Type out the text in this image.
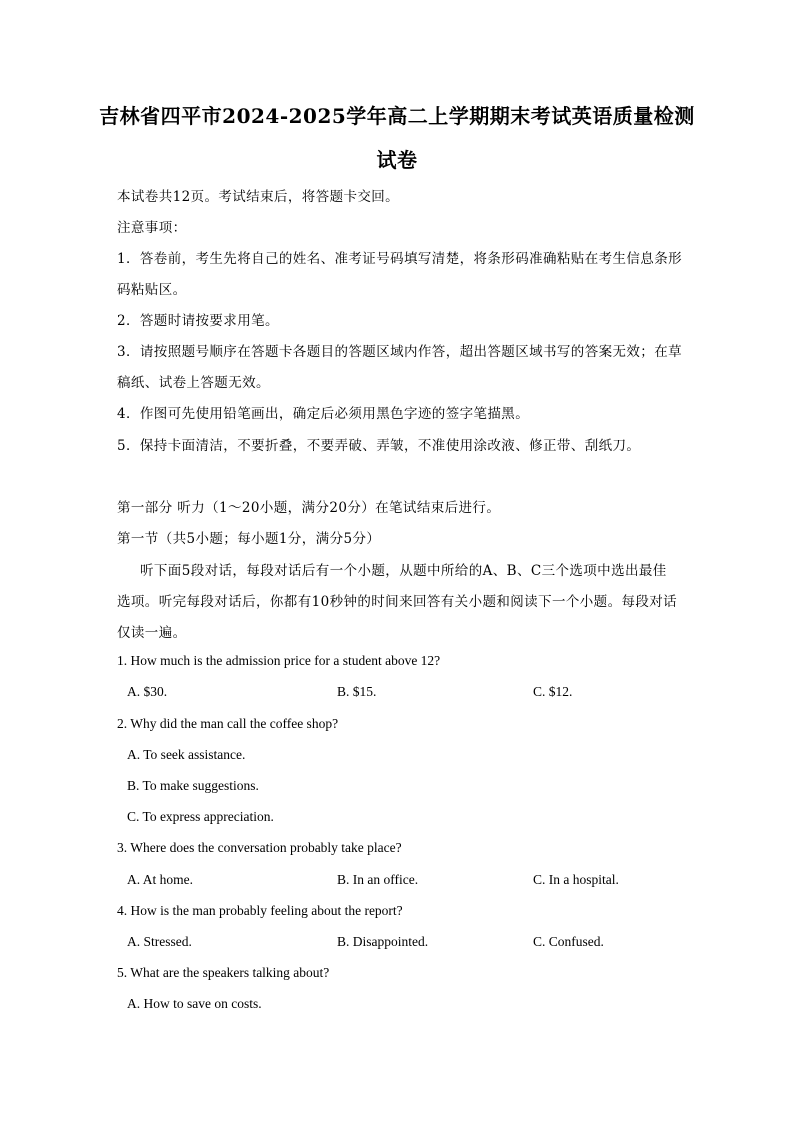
吉林省四平市2024-2025学年高二上学期期末考试英语质量检测
试卷
本试卷共12页。考试结束后，将答题卡交回。
注意事项：
1．答卷前，考生先将自己的姓名、准考证号码填写清楚，将条形码准确粘贴在考生信息条形
码粘贴区。
2．答题时请按要求用笔。
3．请按照题号顺序在答题卡各题目的答题区域内作答，超出答题区域书写的答案无效；在草
稿纸、试卷上答题无效。
4．作图可先使用铅笔画出，确定后必须用黑色字迹的签字笔描黑。
5．保持卡面清洁，不要折叠，不要弄破、弄皱，不准使用涂改液、修正带、刮纸刀。
第一部分 听力（1～20小题，满分20分）在笔试结束后进行。
第一节（共5小题；每小题1分，满分5分）
听下面5段对话，每段对话后有一个小题，从题中所给的A、B、C三个选项中选出最佳
选项。听完每段对话后，你都有10秒钟的时间来回答有关小题和阅读下一个小题。每段对话
仅读一遍。
1. How much is the admission price for a student above 12?
A. $30.	B. $15.	C. $12.
2. Why did the man call the coffee shop?
A. To seek assistance.
B. To make suggestions.
C. To express appreciation.
3. Where does the conversation probably take place?
A. At home.	B. In an office.	C. In a hospital.
4. How is the man probably feeling about the report?
A. Stressed.	B. Disappointed.	C. Confused.
5. What are the speakers talking about?
A. How to save on costs.
